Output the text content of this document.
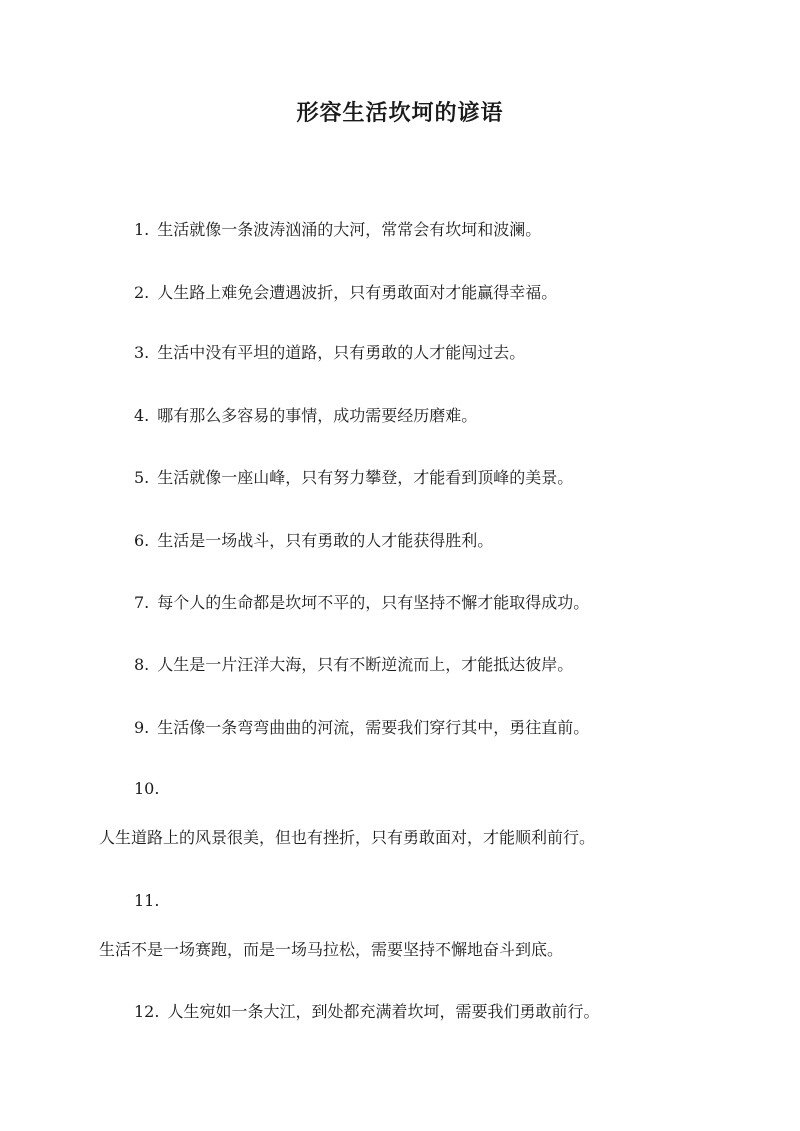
形容生活坎坷的谚语
1. 生活就像一条波涛汹涌的大河，常常会有坎坷和波澜。
2. 人生路上难免会遭遇波折，只有勇敢面对才能赢得幸福。
3. 生活中没有平坦的道路，只有勇敢的人才能闯过去。
4. 哪有那么多容易的事情，成功需要经历磨难。
5. 生活就像一座山峰，只有努力攀登，才能看到顶峰的美景。
6. 生活是一场战斗，只有勇敢的人才能获得胜利。
7. 每个人的生命都是坎坷不平的，只有坚持不懈才能取得成功。
8. 人生是一片汪洋大海，只有不断逆流而上，才能抵达彼岸。
9. 生活像一条弯弯曲曲的河流，需要我们穿行其中，勇往直前。
10.
人生道路上的风景很美，但也有挫折，只有勇敢面对，才能顺利前行。
11.
生活不是一场赛跑，而是一场马拉松，需要坚持不懈地奋斗到底。
12. 人生宛如一条大江，到处都充满着坎坷，需要我们勇敢前行。
